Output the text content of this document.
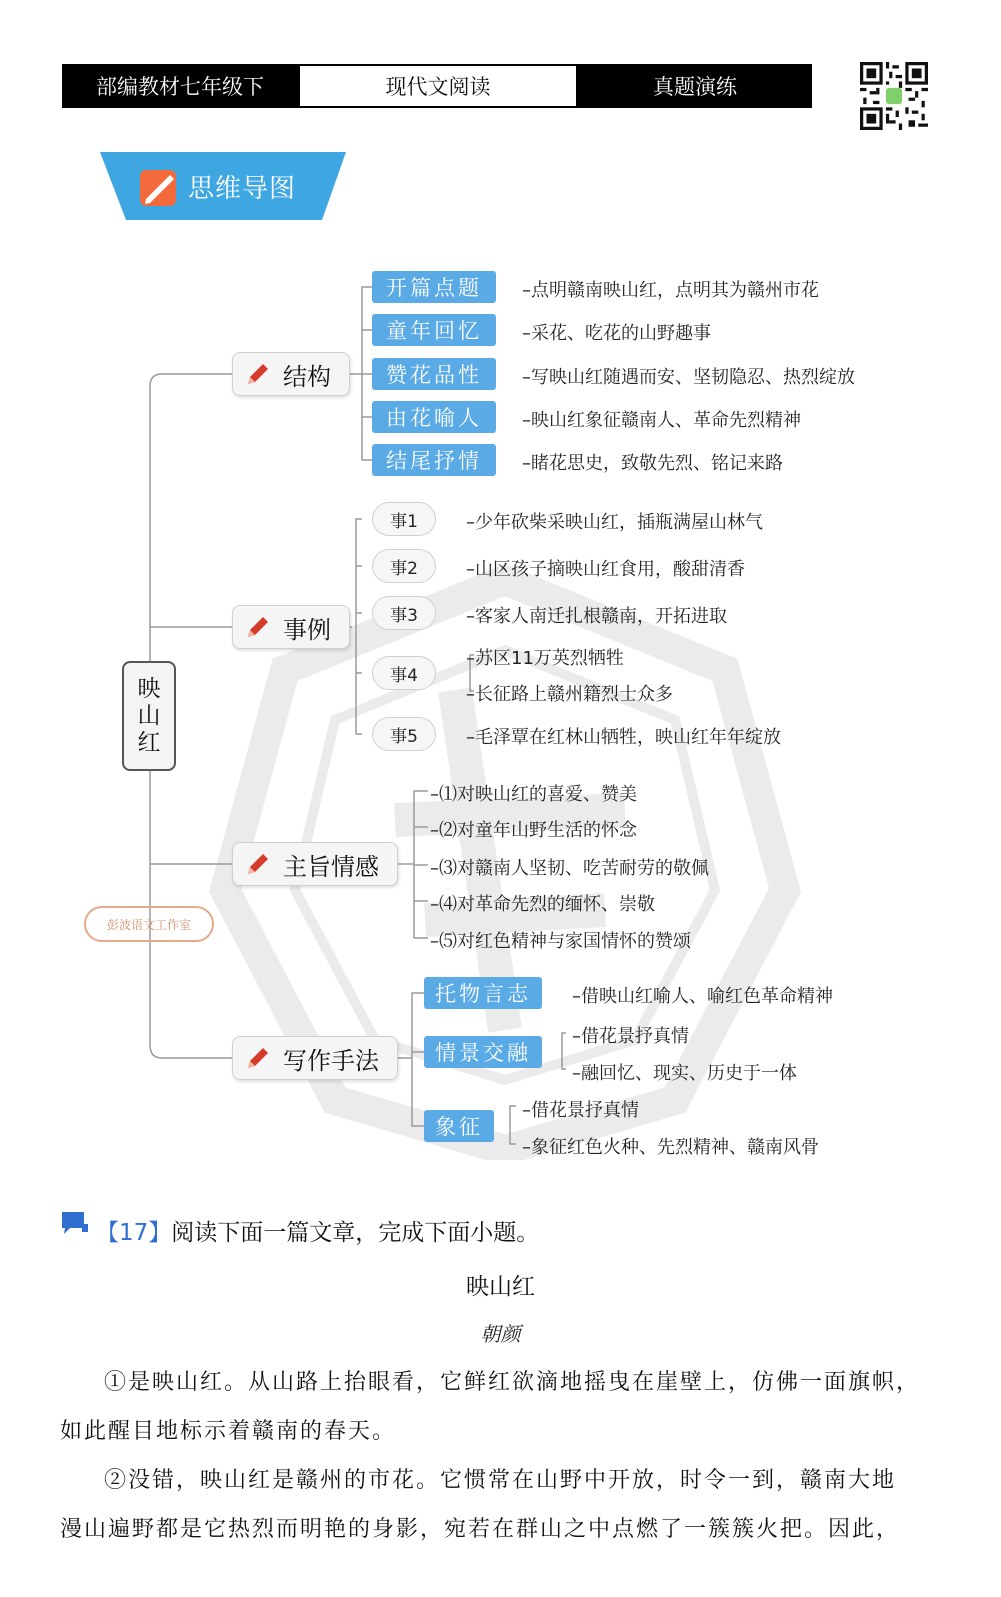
部编教材七年级下	现代文阅读	真题演练
思维导图
映
山
红
结构
开篇点题
童年回忆
赞花品性
由花喻人
结尾抒情
–点明赣南映山红，点明其为赣州市花
–采花、吃花的山野趣事
–写映山红随遇而安、坚韧隐忍、热烈绽放
–映山红象征赣南人、革命先烈精神
–睹花思史，致敬先烈、铭记来路
事例
事1
事2
事3
事4
事5
–少年砍柴采映山红，插瓶满屋山林气
–山区孩子摘映山红食用，酸甜清香
–客家人南迁扎根赣南，开拓进取
–苏区11万英烈牺牲
–长征路上赣州籍烈士众多
–毛泽覃在红林山牺牲，映山红年年绽放
主旨情感
–⑴对映山红的喜爱、赞美
–⑵对童年山野生活的怀念
–⑶对赣南人坚韧、吃苦耐劳的敬佩
–⑷对革命先烈的缅怀、崇敬
–⑸对红色精神与家国情怀的赞颂
彭波语文工作室
写作手法
托物言志
情景交融
象征
–借映山红喻人、喻红色革命精神
–借花景抒真情
–融回忆、现实、历史于一体
–借花景抒真情
–象征红色火种、先烈精神、赣南风骨
【17】阅读下面一篇文章，完成下面小题。
映山红
朝颜
①是映山红。从山路上抬眼看，它鲜红欲滴地摇曳在崖壁上，仿佛一面旗帜，
如此醒目地标示着赣南的春天。
②没错，映山红是赣州的市花。它惯常在山野中开放，时令一到，赣南大地
漫山遍野都是它热烈而明艳的身影，宛若在群山之中点燃了一簇簇火把。因此，
